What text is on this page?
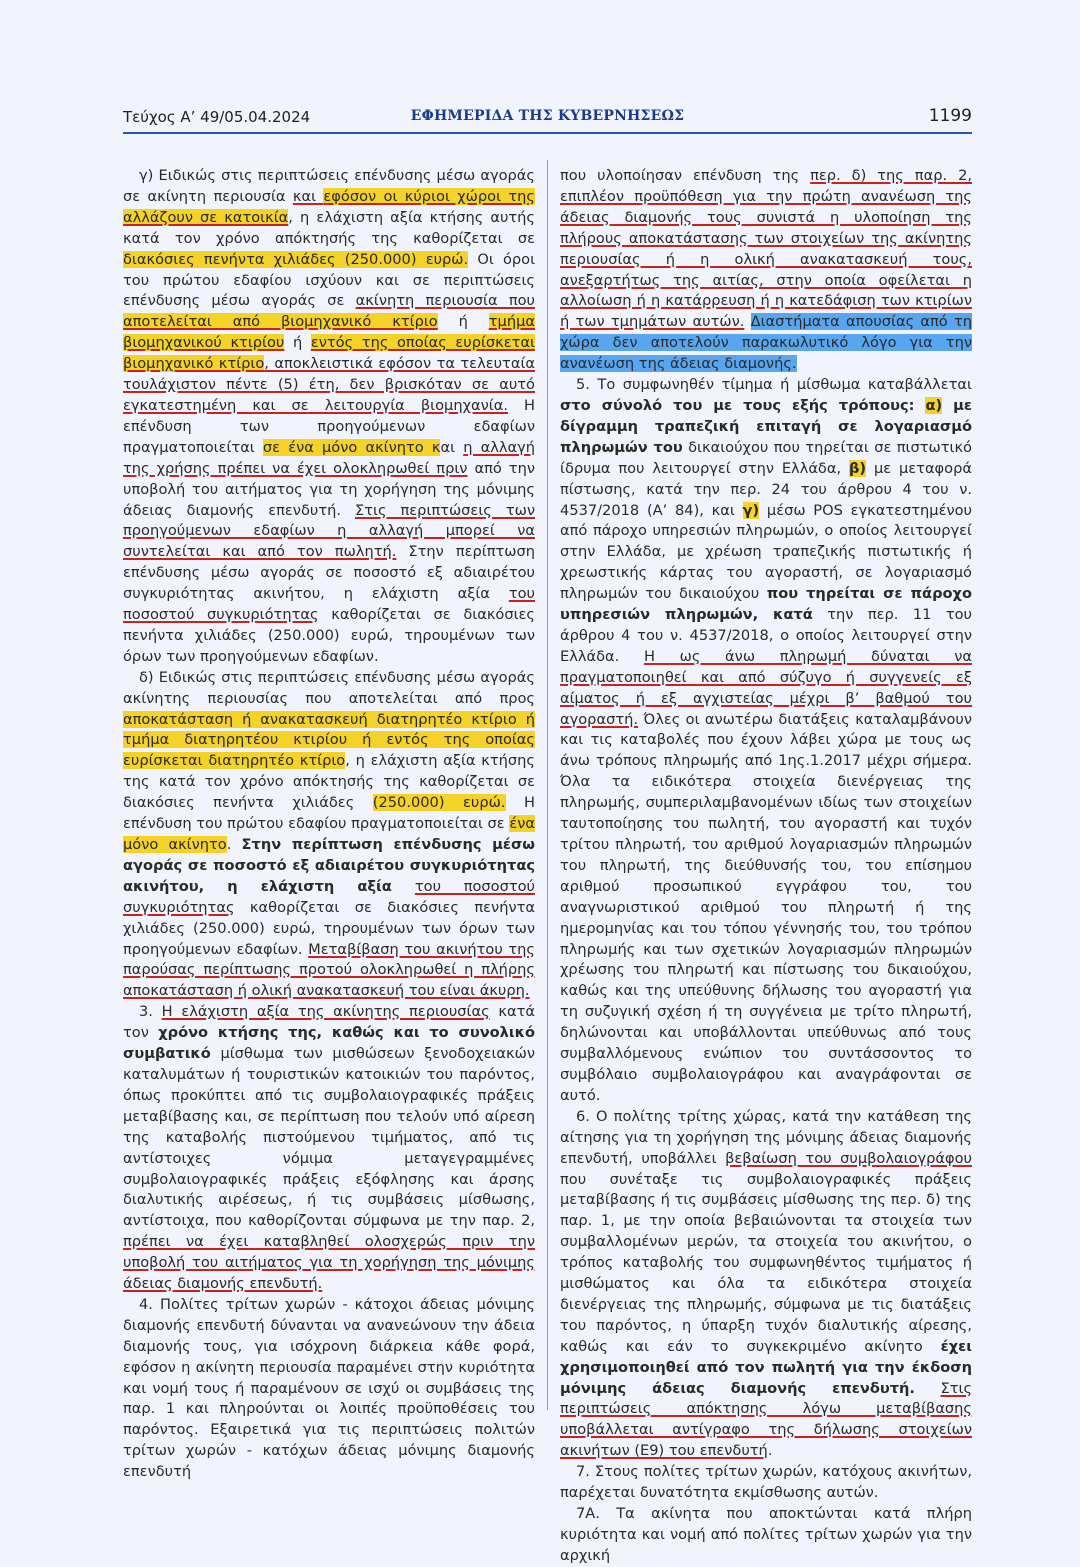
Τεύχος A’ 49/05.04.2024	ΕΦΗΜΕΡΙΔΑ ΤΗΣ ΚΥΒΕΡΝΗΣΕΩΣ	1199

γ) Ειδικώς στις περιπτώσεις επένδυσης μέσω αγοράς σε ακίνητη περιουσία και εφόσον οι κύριοι χώροι της αλλάζουν σε κατοικία, η ελάχιστη αξία κτήσης αυτής κατά τον χρόνο απόκτησής της καθορίζεται σε διακόσιες πενήντα χιλιάδες (250.000) ευρώ. Οι όροι του πρώτου εδαφίου ισχύουν και σε περιπτώσεις επένδυσης μέσω αγοράς σε ακίνητη περιουσία που αποτελείται από βιομηχανικό κτίριο ή τμήμα βιομηχανικού κτιρίου ή εντός της οποίας ευρίσκεται βιομηχανικό κτίριο, αποκλειστικά εφόσον τα τελευταία τουλάχιστον πέντε (5) έτη, δεν βρισκόταν σε αυτό εγκατεστημένη και σε λειτουργία βιομηχανία. Η επένδυση των προηγούμενων εδαφίων πραγματοποιείται σε ένα μόνο ακίνητο και η αλλαγή της χρήσης πρέπει να έχει ολοκληρωθεί πριν από την υποβολή του αιτήματος για τη χορήγηση της μόνιμης άδειας διαμονής επενδυτή. Στις περιπτώσεις των προηγούμενων εδαφίων η αλλαγή μπορεί να συντελείται και από τον πωλητή. Στην περίπτωση επένδυσης μέσω αγοράς σε ποσοστό εξ αδιαιρέτου συγκυριότητας ακινήτου, η ελάχιστη αξία του ποσοστού συγκυριότητας καθορίζεται σε διακόσιες πενήντα χιλιάδες (250.000) ευρώ, τηρουμένων των όρων των προηγούμενων εδαφίων.

δ) Ειδικώς στις περιπτώσεις επένδυσης μέσω αγοράς ακίνητης περιουσίας που αποτελείται από προς αποκατάσταση ή ανακατασκευή διατηρητέο κτίριο ή τμήμα διατηρητέου κτιρίου ή εντός της οποίας ευρίσκεται διατηρητέο κτίριο, η ελάχιστη αξία κτήσης της κατά τον χρόνο απόκτησής της καθορίζεται σε διακόσιες πενήντα χιλιάδες (250.000) ευρώ. Η επένδυση του πρώτου εδαφίου πραγματοποιείται σε ένα μόνο ακίνητο. Στην περίπτωση επένδυσης μέσω αγοράς σε ποσοστό εξ αδιαιρέτου συγκυριότητας ακινήτου, η ελάχιστη αξία του ποσοστού συγκυριότητας καθορίζεται σε διακόσιες πενήντα χιλιάδες (250.000) ευρώ, τηρουμένων των όρων των προηγούμενων εδαφίων. Μεταβίβαση του ακινήτου της παρούσας περίπτωσης προτού ολοκληρωθεί η πλήρης αποκατάσταση ή ολική ανακατασκευή του είναι άκυρη.

3. Η ελάχιστη αξία της ακίνητης περιουσίας κατά τον χρόνο κτήσης της, καθώς και το συνολικό συμβατικό μίσθωμα των μισθώσεων ξενοδοχειακών καταλυμάτων ή τουριστικών κατοικιών του παρόντος, όπως προκύπτει από τις συμβολαιογραφικές πράξεις μεταβίβασης και, σε περίπτωση που τελούν υπό αίρεση της καταβολής πιστούμενου τιμήματος, από τις αντίστοιχες νόμιμα μεταγεγραμμένες συμβολαιογραφικές πράξεις εξόφλησης και άρσης διαλυτικής αιρέσεως, ή τις συμβάσεις μίσθωσης, αντίστοιχα, που καθορίζονται σύμφωνα με την παρ. 2, πρέπει να έχει καταβληθεί ολοσχερώς πριν την υποβολή του αιτήματος για τη χορήγηση της μόνιμης άδειας διαμονής επενδυτή.

4. Πολίτες τρίτων χωρών - κάτοχοι άδειας μόνιμης διαμονής επενδυτή δύνανται να ανανεώνουν την άδεια διαμονής τους, για ισόχρονη διάρκεια κάθε φορά, εφόσον η ακίνητη περιουσία παραμένει στην κυριότητα και νομή τους ή παραμένουν σε ισχύ οι συμβάσεις της παρ. 1 και πληρούνται οι λοιπές προϋποθέσεις του παρόντος. Εξαιρετικά για τις περιπτώσεις πολιτών τρίτων χωρών - κατόχων άδειας μόνιμης διαμονής επενδυτή

που υλοποίησαν επένδυση της περ. δ) της παρ. 2, επιπλέον προϋπόθεση για την πρώτη ανανέωση της άδειας διαμονής τους συνιστά η υλοποίηση της πλήρους αποκατάστασης των στοιχείων της ακίνητης περιουσίας ή η ολική ανακατασκευή τους, ανεξαρτήτως της αιτίας, στην οποία οφείλεται η αλλοίωση ή η κατάρρευση ή η κατεδάφιση των κτιρίων ή των τμημάτων αυτών. Διαστήματα απουσίας από τη χώρα δεν αποτελούν παρακωλυτικό λόγο για την ανανέωση της άδειας διαμονής.

5. Το συμφωνηθέν τίμημα ή μίσθωμα καταβάλλεται στο σύνολό του με τους εξής τρόπους: α) με δίγραμμη τραπεζική επιταγή σε λογαριασμό πληρωμών του δικαιούχου που τηρείται σε πιστωτικό ίδρυμα που λειτουργεί στην Ελλάδα, β) με μεταφορά πίστωσης, κατά την περ. 24 του άρθρου 4 του ν. 4537/2018 (Α’ 84), και γ) μέσω POS εγκατεστημένου από πάροχο υπηρεσιών πληρωμών, ο οποίος λειτουργεί στην Ελλάδα, με χρέωση τραπεζικής πιστωτικής ή χρεωστικής κάρτας του αγοραστή, σε λογαριασμό πληρωμών του δικαιούχου που τηρείται σε πάροχο υπηρεσιών πληρωμών, κατά την περ. 11 του άρθρου 4 του ν. 4537/2018, ο οποίος λειτουργεί στην Ελλάδα. Η ως άνω πληρωμή δύναται να πραγματοποιηθεί και από σύζυγο ή συγγενείς εξ αίματος ή εξ αγχιστείας μέχρι β’ βαθμού του αγοραστή. Όλες οι ανωτέρω διατάξεις καταλαμβάνουν και τις καταβολές που έχουν λάβει χώρα με τους ως άνω τρόπους πληρωμής από 1ης.1.2017 μέχρι σήμερα. Όλα τα ειδικότερα στοιχεία διενέργειας της πληρωμής, συμπεριλαμβανομένων ιδίως των στοιχείων ταυτοποίησης του πωλητή, του αγοραστή και τυχόν τρίτου πληρωτή, του αριθμού λογαριασμών πληρωμών του πληρωτή, της διεύθυνσής του, του επίσημου αριθμού προσωπικού εγγράφου του, του αναγνωριστικού αριθμού του πληρωτή ή της ημερομηνίας και του τόπου γέννησής του, του τρόπου πληρωμής και των σχετικών λογαριασμών πληρωμών χρέωσης του πληρωτή και πίστωσης του δικαιούχου, καθώς και της υπεύθυνης δήλωσης του αγοραστή για τη συζυγική σχέση ή τη συγγένεια με τρίτο πληρωτή, δηλώνονται και υποβάλλονται υπεύθυνως από τους συμβαλλόμενους ενώπιον του συντάσσοντος το συμβόλαιο συμβολαιογράφου και αναγράφονται σε αυτό.

6. Ο πολίτης τρίτης χώρας, κατά την κατάθεση της αίτησης για τη χορήγηση της μόνιμης άδειας διαμονής επενδυτή, υποβάλλει βεβαίωση του συμβολαιογράφου που συνέταξε τις συμβολαιογραφικές πράξεις μεταβίβασης ή τις συμβάσεις μίσθωσης της περ. δ) της παρ. 1, με την οποία βεβαιώνονται τα στοιχεία των συμβαλλομένων μερών, τα στοιχεία του ακινήτου, ο τρόπος καταβολής του συμφωνηθέντος τιμήματος ή μισθώματος και όλα τα ειδικότερα στοιχεία διενέργειας της πληρωμής, σύμφωνα με τις διατάξεις του παρόντος, η ύπαρξη τυχόν διαλυτικής αίρεσης, καθώς και εάν το συγκεκριμένο ακίνητο έχει χρησιμοποιηθεί από τον πωλητή για την έκδοση μόνιμης άδειας διαμονής επενδυτή. Στις περιπτώσεις απόκτησης λόγω μεταβίβασης υποβάλλεται αντίγραφο της δήλωσης στοιχείων ακινήτων (Ε9) του επενδυτή.

7. Στους πολίτες τρίτων χωρών, κατόχους ακινήτων, παρέχεται δυνατότητα εκμίσθωσης αυτών.

7Α. Τα ακίνητα που αποκτώνται κατά πλήρη κυριότητα και νομή από πολίτες τρίτων χωρών για την αρχική
